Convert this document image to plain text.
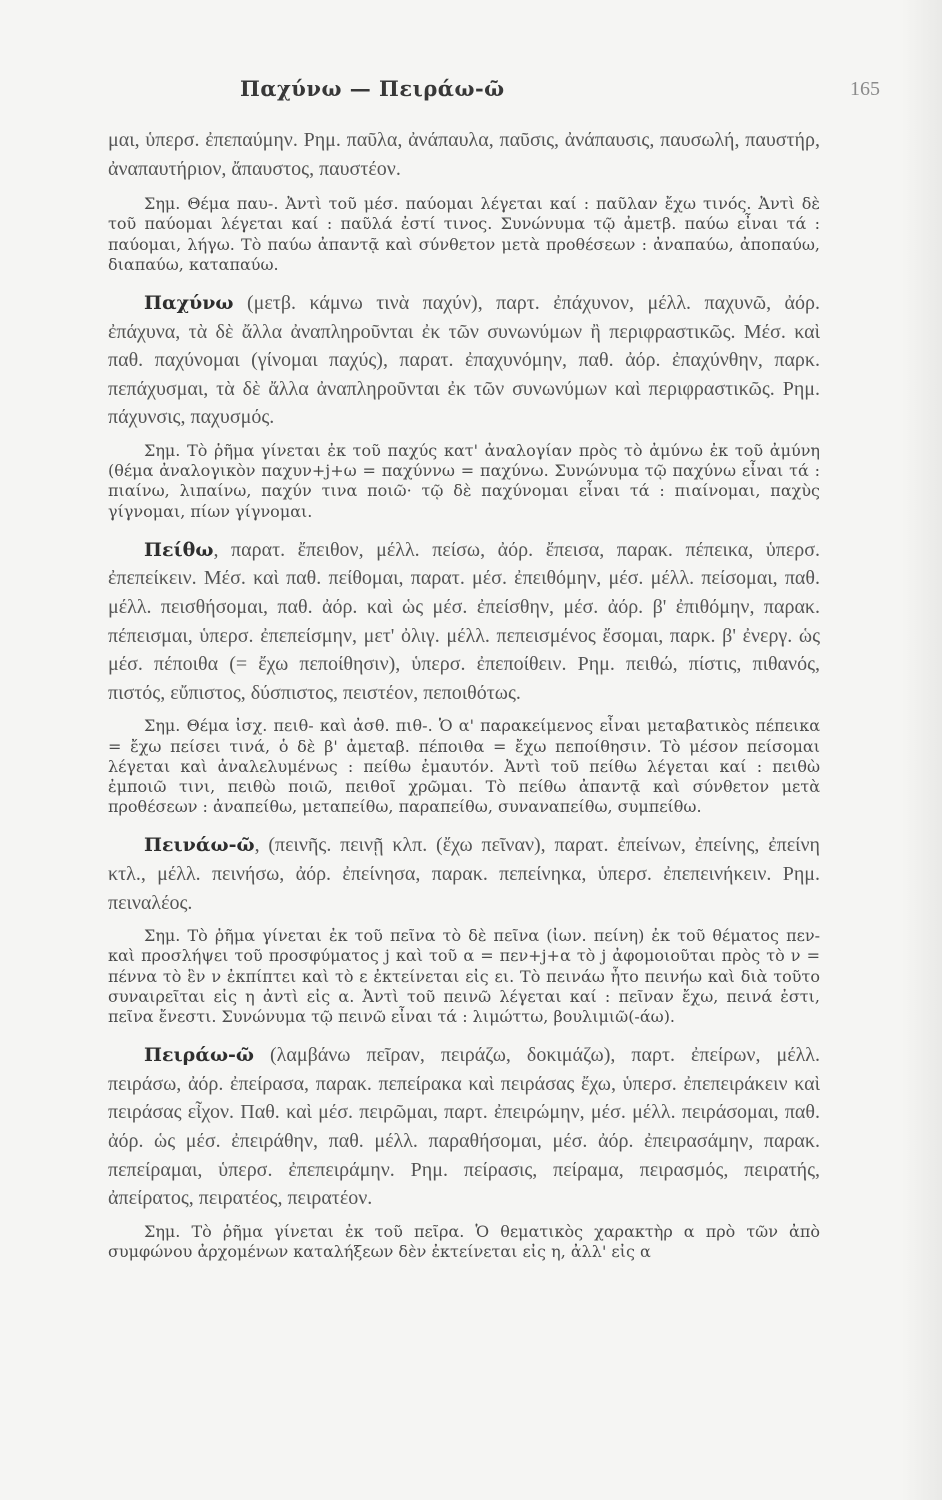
Παχύνω — Πειράω-ῶ	165

μαι, ὑπερσ. ἐπεπαύμην. Ρημ. παῦλα, ἀνάπαυλα, παῦσις, ἀνάπαυσις, παυσωλή, παυστήρ, ἀναπαυτήριον, ἄπαυστος, παυστέον.

Σημ. Θέμα παυ-. Ἀντὶ τοῦ μέσ. παύομαι λέγεται καί : παῦλαν ἔχω τινός. Ἀντὶ δὲ τοῦ παύομαι λέγεται καί : παῦλά ἐστί τινος. Συνώνυμα τῷ ἀμετβ. παύω εἶναι τά : παύομαι, λήγω. Τὸ παύω ἀπαντᾷ καὶ σύνθετον μετὰ προθέσεων : ἀναπαύω, ἀποπαύω, διαπαύω, καταπαύω.

Παχύνω (μετβ. κάμνω τινὰ παχύν), παρτ. ἐπάχυνον, μέλλ. παχυνῶ, ἀόρ. ἐπάχυνα, τὰ δὲ ἄλλα ἀναπληροῦνται ἐκ τῶν συνωνύμων ἢ περιφραστικῶς. Μέσ. καὶ παθ. παχύνομαι (γίνομαι παχύς), παρατ. ἐπαχυνόμην, παθ. ἀόρ. ἐπαχύνθην, παρκ. πεπάχυσμαι, τὰ δὲ ἄλλα ἀναπληροῦνται ἐκ τῶν συνωνύμων καὶ περιφραστικῶς. Ρημ. πάχυνσις, παχυσμός.

Σημ. Τὸ ῥῆμα γίνεται ἐκ τοῦ παχύς κατ' ἀναλογίαν πρὸς τὸ ἀμύνω ἐκ τοῦ ἀμύνη (θέμα ἀναλογικὸν παχυν+j+ω = παχύννω = παχύνω. Συνώνυμα τῷ παχύνω εἶναι τά : πιαίνω, λιπαίνω, παχύν τινα ποιῶ· τῷ δὲ παχύνομαι εἶναι τά : πιαίνομαι, παχὺς γίγνομαι, πίων γίγνομαι.

Πείθω, παρατ. ἔπειθον, μέλλ. πείσω, ἀόρ. ἔπεισα, παρακ. πέπεικα, ὑπερσ. ἐπεπείκειν. Μέσ. καὶ παθ. πείθομαι, παρατ. μέσ. ἐπειθόμην, μέσ. μέλλ. πείσομαι, παθ. μέλλ. πεισθήσομαι, παθ. ἀόρ. καὶ ὡς μέσ. ἐπείσθην, μέσ. ἀόρ. β' ἐπιθόμην, παρακ. πέπεισμαι, ὑπερσ. ἐπεπείσμην, μετ' ὀλιγ. μέλλ. πεπεισμένος ἔσομαι, παρκ. β' ἐνεργ. ὡς μέσ. πέποιθα (= ἔχω πεποίθησιν), ὑπερσ. ἐπεποίθειν. Ρημ. πειθώ, πίστις, πιθανός, πιστός, εὔπιστος, δύσπιστος, πειστέον, πεποιθότως.

Σημ. Θέμα ἰσχ. πειθ- καὶ ἀσθ. πιθ-. Ὁ α' παρακείμενος εἶναι μεταβατικὸς πέπεικα = ἔχω πείσει τινά, ὁ δὲ β' ἀμεταβ. πέποιθα = ἔχω πεποίθησιν. Τὸ μέσον πείσομαι λέγεται καὶ ἀναλελυμένως : πείθω ἐμαυτόν. Ἀντὶ τοῦ πείθω λέγεται καί : πειθὼ ἐμποιῶ τινι, πειθὼ ποιῶ, πειθοῖ χρῶμαι. Τὸ πείθω ἀπαντᾷ καὶ σύνθετον μετὰ προθέσεων : ἀναπείθω, μεταπείθω, παραπείθω, συναναπείθω, συμπείθω.

Πεινάω-ῶ, (πεινῆς. πεινῇ κλπ. (ἔχω πεῖναν), παρατ. ἐπείνων, ἐπείνης, ἐπείνη κτλ., μέλλ. πεινήσω, ἀόρ. ἐπείνησα, παρακ. πεπείνηκα, ὑπερσ. ἐπεπεινήκειν. Ρημ. πειναλέος.

Σημ. Τὸ ῥῆμα γίνεται ἐκ τοῦ πεῖνα τὸ δὲ πεῖνα (ἰων. πείνη) ἐκ τοῦ θέματος πεν- καὶ προσλήψει τοῦ προσφύματος j καὶ τοῦ α = πεν+j+α τὸ j ἀφομοιοῦται πρὸς τὸ ν = πέννα τὸ ἓν ν ἐκπίπτει καὶ τὸ ε ἐκτείνεται εἰς ει. Τὸ πεινάω ἦτο πεινήω καὶ διὰ τοῦτο συναιρεῖται εἰς η ἀντὶ εἰς α. Ἀντὶ τοῦ πεινῶ λέγεται καί : πεῖναν ἔχω, πεινά ἐστι, πεῖνα ἔνεστι. Συνώνυμα τῷ πεινῶ εἶναι τά : λιμώττω, βουλιμιῶ(-άω).

Πειράω-ῶ (λαμβάνω πεῖραν, πειράζω, δοκιμάζω), παρτ. ἐπείρων, μέλλ. πειράσω, ἀόρ. ἐπείρασα, παρακ. πεπείρακα καὶ πειράσας ἔχω, ὑπερσ. ἐπεπειράκειν καὶ πειράσας εἶχον. Παθ. καὶ μέσ. πειρῶμαι, παρτ. ἐπειρώμην, μέσ. μέλλ. πειράσομαι, παθ. ἀόρ. ὡς μέσ. ἐπειράθην, παθ. μέλλ. παραθήσομαι, μέσ. ἀόρ. ἐπειρασάμην, παρακ. πεπείραμαι, ὑπερσ. ἐπεπειράμην. Ρημ. πείρασις, πείραμα, πειρασμός, πειρατής, ἀπείρατος, πειρατέος, πειρατέον.

Σημ. Τὸ ῥῆμα γίνεται ἐκ τοῦ πεῖρα. Ὁ θεματικὸς χαρακτὴρ α πρὸ τῶν ἀπὸ συμφώνου ἀρχομένων καταλήξεων δὲν ἐκτείνεται εἰς η, ἀλλ' εἰς α
